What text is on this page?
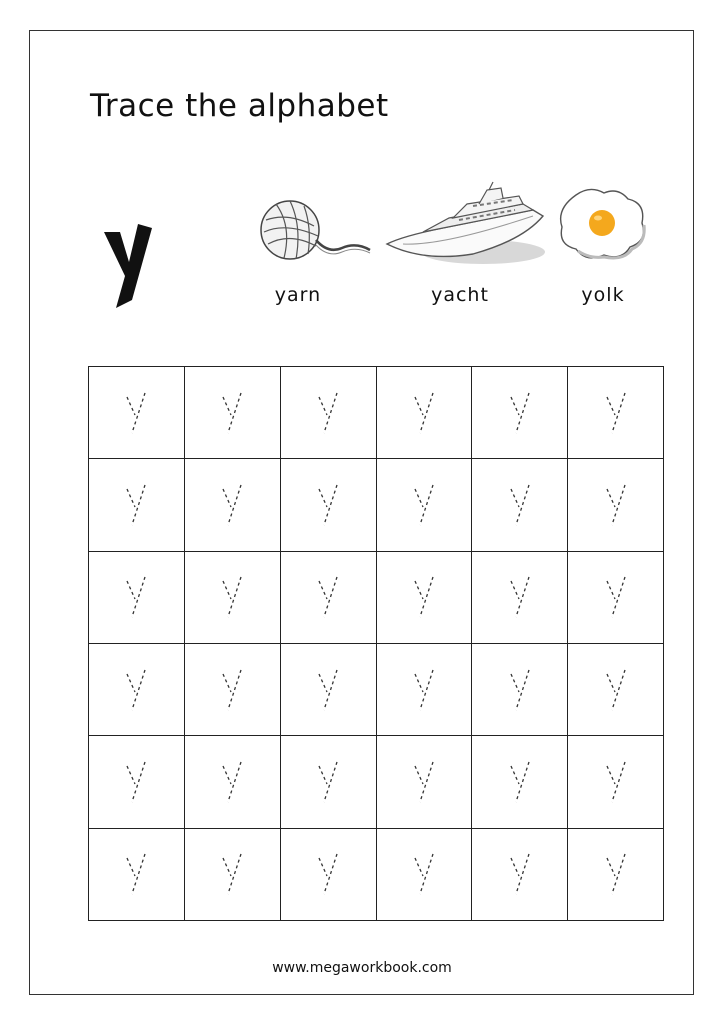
Trace the alphabet
yarn	yacht	yolk
www.megaworkbook.com
